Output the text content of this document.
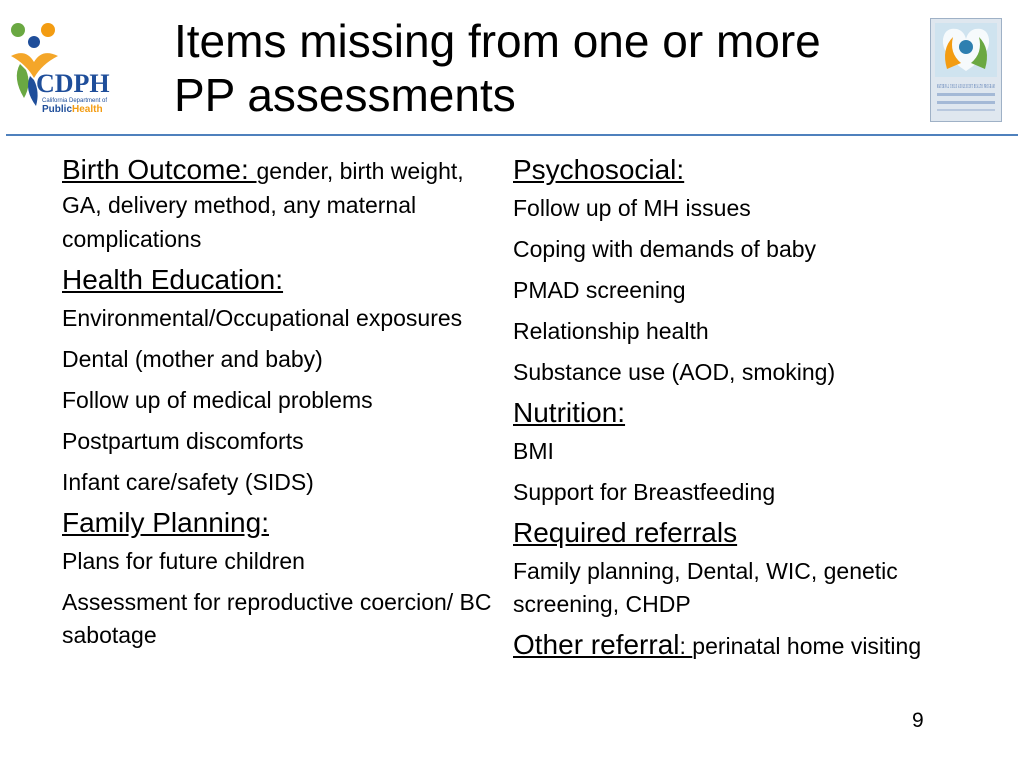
CDPH
California Department of
PublicHealth
Items missing from one or more
PP assessments	MATERNAL CHILD ADOLESCENT HEALTH PROGRAM
Birth Outcome: gender, birth weight, GA, delivery method, any maternal complications
Health Education:
Environmental/Occupational exposures
Dental (mother and baby)
Follow up of medical problems
Postpartum discomforts
Infant care/safety (SIDS)
Family Planning:
Plans for future children
Assessment for reproductive coercion/ BC sabotage
Psychosocial:
Follow up of MH issues
Coping with demands of baby
PMAD screening
Relationship health
Substance use (AOD, smoking)
Nutrition:
BMI
Support for Breastfeeding
Required referrals
Family planning, Dental, WIC, genetic screening, CHDP
Other referral: perinatal home visiting
9
